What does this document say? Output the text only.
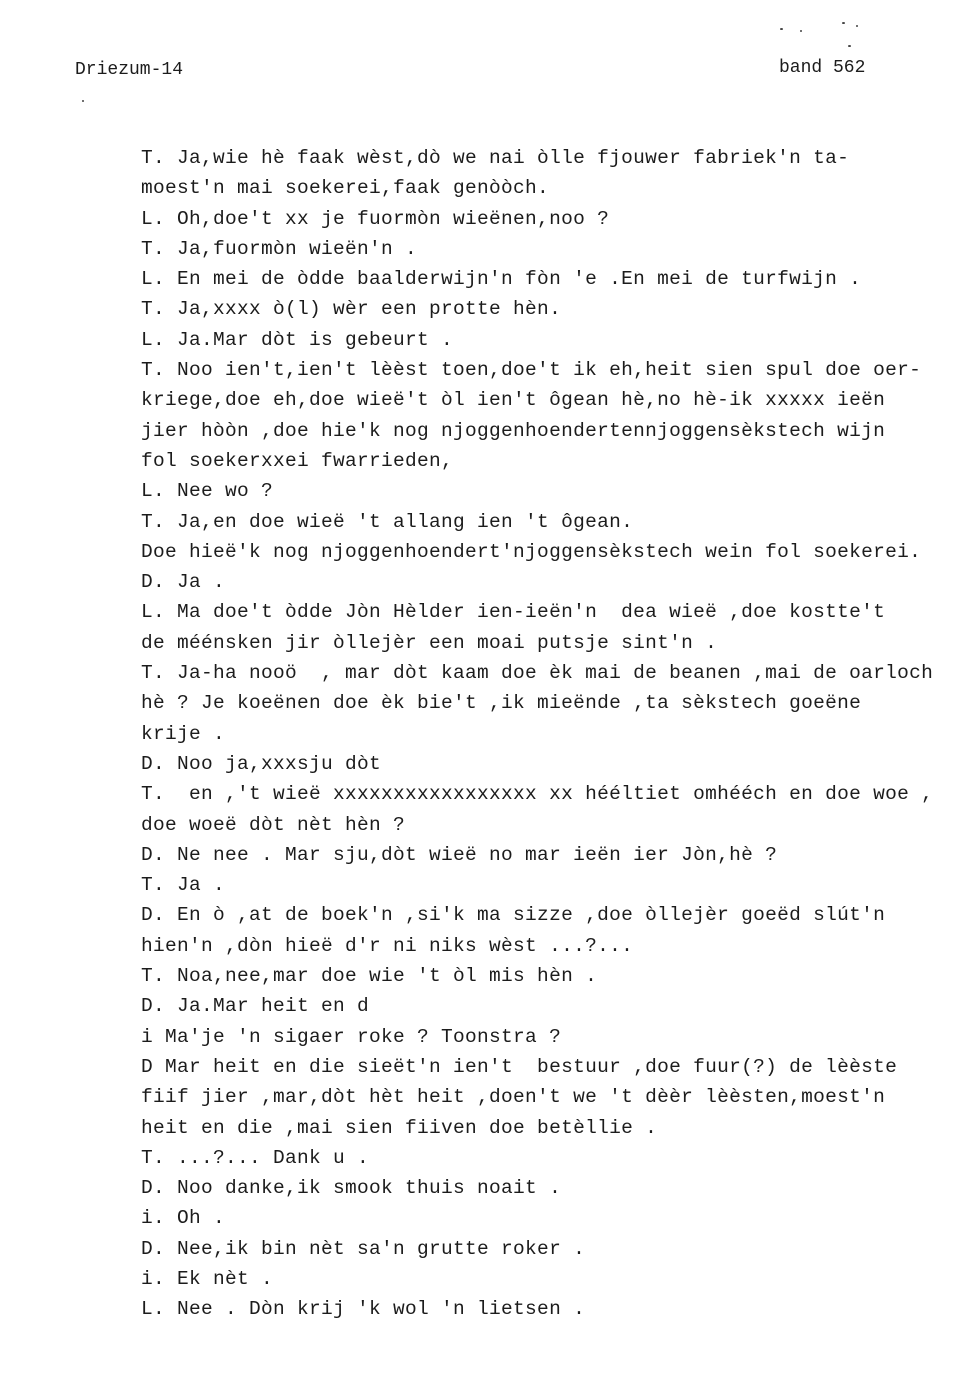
Driezum-14	band 562
T. Ja,wie hè faak wèst,dò we nai òlle fjouwer fabriek'n ta-
moest'n mai soekerei,faak genòòch.
L. Oh,doe't xx je fuormòn wieënen,noo ?
T. Ja,fuormòn wieën'n .
L. En mei de òdde baalderwijn'n fòn 'e .En mei de turfwijn .
T. Ja,xxxx ò(l) wèr een protte hèn.
L. Ja.Mar dòt is gebeurt .
T. Noo ien't,ien't lèèst toen,doe't ik eh,heit sien spul doe oer-
kriege,doe eh,doe wieë't òl ien't ôgean hè,no hè-ik xxxxx ieën
jier hòòn ,doe hie'k nog njoggenhoendertennjoggensèkstech wijn
fol soekerxxei fwarrieden,
L. Nee wo ?
T. Ja,en doe wieë 't allang ien 't ôgean.
Doe hieë'k nog njoggenhoendert'njoggensèkstech wein fol soekerei.
D. Ja .
L. Ma doe't òdde Jòn Hèlder ien-ieën'n  dea wieë ,doe kostte't
de méénsken jir òllejèr een moai putsje sint'n .
T. Ja-ha nooö  , mar dòt kaam doe èk mai de beanen ,mai de oarloch
hè ? Je koeënen doe èk bie't ,ik mieënde ,ta sèkstech goeëne
krije .
D. Noo ja,xxxsju dòt
T.  en ,'t wieë xxxxxxxxxxxxxxxxx xx hééltiet omhééch en doe woe ,
doe woeë dòt nèt hèn ?
D. Ne nee . Mar sju,dòt wieë no mar ieën ier Jòn,hè ?
T. Ja .
D. En ò ,at de boek'n ,si'k ma sizze ,doe òllejèr goeëd slút'n
hien'n ,dòn hieë d'r ni niks wèst ...?...
T. Noa,nee,mar doe wie 't òl mis hèn .
D. Ja.Mar heit en d
i Ma'je 'n sigaer roke ? Toonstra ?
D Mar heit en die sieët'n ien't  bestuur ,doe fuur(?) de lèèste
fiif jier ,mar,dòt hèt heit ,doen't we 't dèèr lèèsten,moest'n
heit en die ,mai sien fiiven doe betèllie .
T. ...?... Dank u .
D. Noo danke,ik smook thuis noait .
i. Oh .
D. Nee,ik bin nèt sa'n grutte roker .
i. Ek nèt .
L. Nee . Dòn krij 'k wol 'n lietsen .
